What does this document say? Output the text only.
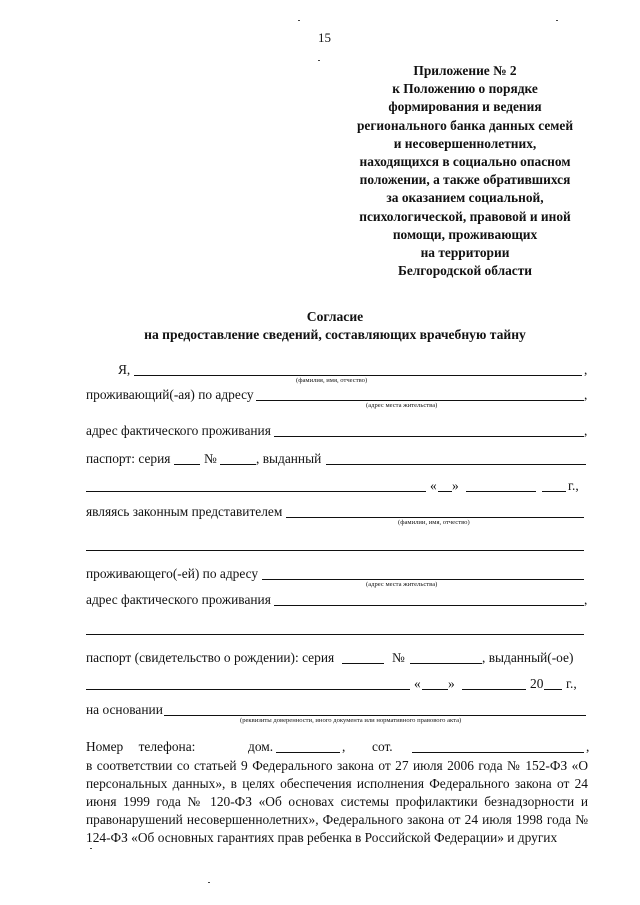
15
Приложение № 2
к Положению о порядке
формирования и ведения
регионального банка данных семей
и несовершеннолетних,
находящихся в социально опасном
положении, а также обратившихся
за оказанием социальной,
психологической, правовой и иной
помощи, проживающих
на территории
Белгородской области
Согласие
на предоставление сведений, составляющих врачебную тайну
Я,	,
(фамилия, имя, отчество)
проживающий(-ая) по адресу	,
(адрес места жительства)
адрес фактического проживания	,
паспорт: серия	№	, выданный
« »	г.,
являясь законным представителем
(фамилии, имя, отчество)
проживающего(-ей) по адресу
(адрес места жительства)
адрес фактического проживания	,
паспорт (свидетельство о рождении): серия	№	, выданный(-ое)
« »	20 г.,
на основании
(реквизиты доверенности, иного документа или нормативного правового акта)
Номер телефона:	дом.	, сот.	,
в соответствии со статьей 9 Федерального закона от 27 июля 2006 года № 152-ФЗ «О персональных данных», в целях обеспечения исполнения Федерального закона от 24 июня 1999 года № 120-ФЗ «Об основах системы профилактики безнадзорности и правонарушений несовершеннолетних», Федерального закона от 24 июля 1998 года № 124-ФЗ «Об основных гарантиях прав ребенка в Российской Федерации» и других
